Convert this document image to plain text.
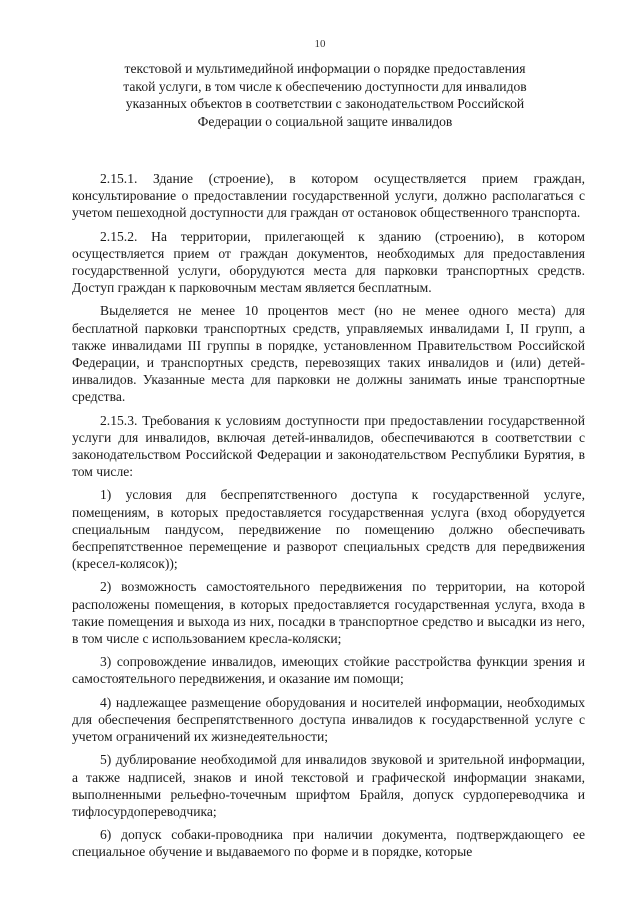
10
текстовой и мультимедийной информации о порядке предоставления такой услуги, в том числе к обеспечению доступности для инвалидов указанных объектов в соответствии с законодательством Российской Федерации о социальной защите инвалидов

2.15.1. Здание (строение), в котором осуществляется прием граждан, консультирование о предоставлении государственной услуги, должно располагаться с учетом пешеходной доступности для граждан от остановок общественного транспорта.

2.15.2. На территории, прилегающей к зданию (строению), в котором осуществляется прием от граждан документов, необходимых для предоставления государственной услуги, оборудуются места для парковки транспортных средств. Доступ граждан к парковочным местам является бесплатным.

Выделяется не менее 10 процентов мест (но не менее одного места) для бесплатной парковки транспортных средств, управляемых инвалидами I, II групп, а также инвалидами III группы в порядке, установленном Правительством Российской Федерации, и транспортных средств, перевозящих таких инвалидов и (или) детей-инвалидов. Указанные места для парковки не должны занимать иные транспортные средства.

2.15.3. Требования к условиям доступности при предоставлении государственной услуги для инвалидов, включая детей-инвалидов, обеспечиваются в соответствии с законодательством Российской Федерации и законодательством Республики Бурятия, в том числе:

1) условия для беспрепятственного доступа к государственной услуге, помещениям, в которых предоставляется государственная услуга (вход оборудуется специальным пандусом, передвижение по помещению должно обеспечивать беспрепятственное перемещение и разворот специальных средств для передвижения (кресел-колясок));

2) возможность самостоятельного передвижения по территории, на которой расположены помещения, в которых предоставляется государственная услуга, входа в такие помещения и выхода из них, посадки в транспортное средство и высадки из него, в том числе с использованием кресла-коляски;

3) сопровождение инвалидов, имеющих стойкие расстройства функции зрения и самостоятельного передвижения, и оказание им помощи;

4) надлежащее размещение оборудования и носителей информации, необходимых для обеспечения беспрепятственного доступа инвалидов к государственной услуге с учетом ограничений их жизнедеятельности;

5) дублирование необходимой для инвалидов звуковой и зрительной информации, а также надписей, знаков и иной текстовой и графической информации знаками, выполненными рельефно-точечным шрифтом Брайля, допуск сурдопереводчика и тифлосурдопереводчика;

6) допуск собаки-проводника при наличии документа, подтверждающего ее специальное обучение и выдаваемого по форме и в порядке, которые
